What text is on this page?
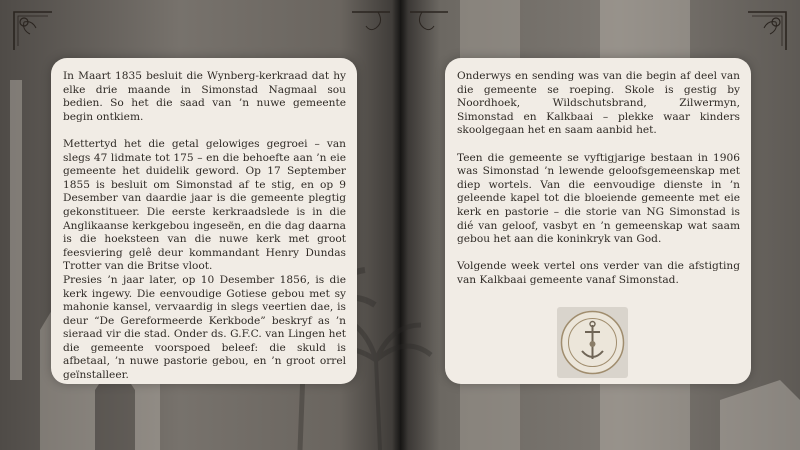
In Maart 1835 besluit die Wynberg-kerkraad dat hy elke drie maande in Simonstad Nagmaal sou bedien. So het die saad van ’n nuwe gemeente begin ontkiem.

Mettertyd het die getal gelowiges gegroei – van slegs 47 lidmate tot 175 – en die behoefte aan ’n eie gemeente het duidelik geword. Op 17 September 1855 is besluit om Simonstad af te stig, en op 9 Desember van daardie jaar is die gemeente plegtig gekonstitueer. Die eerste kerkraadslede is in die Anglikaanse kerkgebou ingeseën, en die dag daarna is die hoeksteen van die nuwe kerk met groot feesviering gelê deur kommandant Henry Dundas Trotter van die Britse vloot.

Presies ’n jaar later, op 10 Desember 1856, is die kerk ingewy. Die eenvoudige Gotiese gebou met sy mahonie kansel, vervaardig in slegs veertien dae, is deur “De Gereformeerde Kerkbode” beskryf as ’n sieraad vir die stad. Onder ds. G.F.C. van Lingen het die gemeente voorspoed beleef: die skuld is afbetaal, ’n nuwe pastorie gebou, en ’n groot orrel geïnstalleer.

Onderwys en sending was van die begin af deel van die gemeente se roeping. Skole is gestig by Noordhoek, Wildschutsbrand, Zilwermyn, Simonstad en Kalkbaai – plekke waar kinders skoolgegaan het en saam aanbid het.

Teen die gemeente se vyftigjarige bestaan in 1906 was Simonstad ’n lewende geloofsgemeenskap met diep wortels. Van die eenvoudige dienste in ’n geleende kapel tot die bloeiende gemeente met eie kerk en pastorie – die storie van NG Simonstad is dié van geloof, vasbyt en ’n gemeenskap wat saam gebou het aan die koninkryk van God.

Volgende week vertel ons verder van die afstigting van Kalkbaai gemeente vanaf Simonstad.
